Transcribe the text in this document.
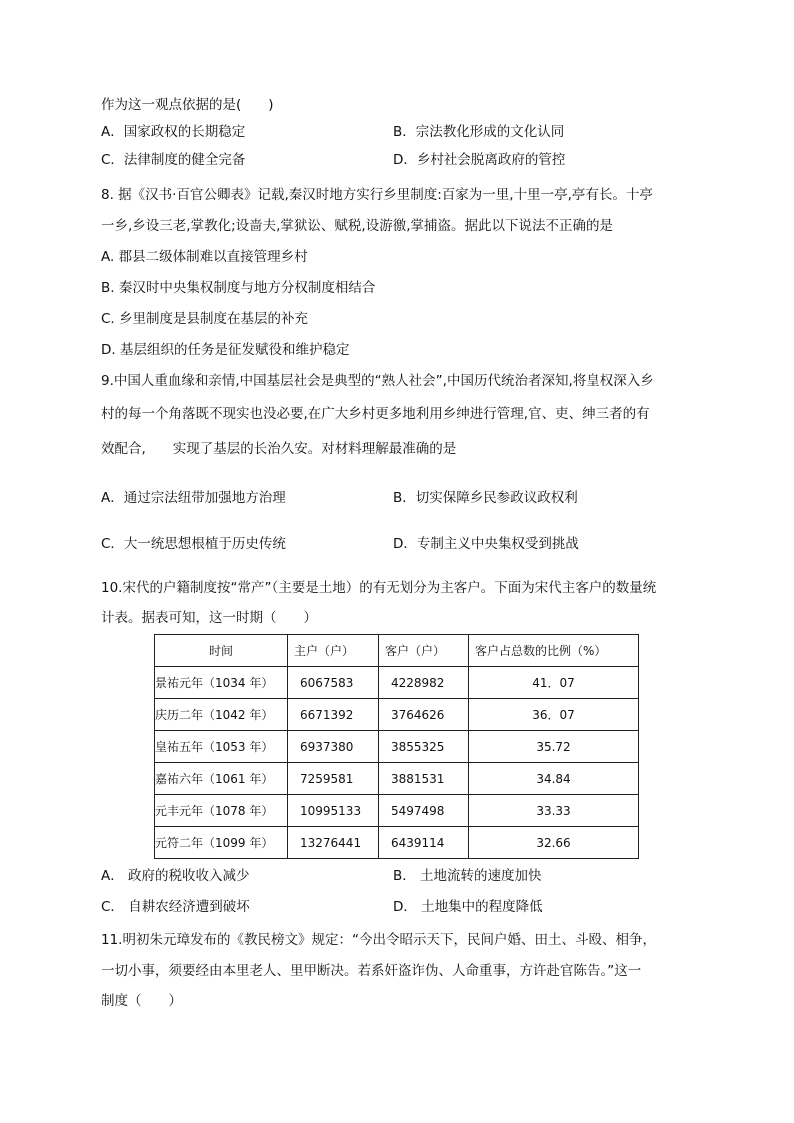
作为这一观点依据的是(　　)
A．国家政权的长期稳定	B．宗法教化形成的文化认同
C．法律制度的健全完备	D．乡村社会脱离政府的管控
8. 据《汉书·百官公卿表》记载,秦汉时地方实行乡里制度:百家为一里,十里一亭,亭有长。十亭
一乡,乡设三老,掌教化;设啬夫,掌狱讼、赋税,设游徼,掌捕盗。据此以下说法不正确的是
A. 郡县二级体制难以直接管理乡村
B. 秦汉时中央集权制度与地方分权制度相结合
C. 乡里制度是县制度在基层的补充
D. 基层组织的任务是征发赋役和维护稳定
9.中国人重血缘和亲情,中国基层社会是典型的“熟人社会”,中国历代统治者深知,将皇权深入乡
村的每一个角落既不现实也没必要,在广大乡村更多地利用乡绅进行管理,官、吏、绅三者的有
效配合,　　实现了基层的长治久安。对材料理解最准确的是
A．通过宗法纽带加强地方治理	B．切实保障乡民参政议政权利
C．大一统思想根植于历史传统	D．专制主义中央集权受到挑战
10.宋代的户籍制度按“常产”（主要是土地）的有无划分为主客户。下面为宋代主客户的数量统
计表。据表可知，这一时期（　　）
时间	主户（户）	客户（户）	客户占总数的比例（%）
景祐元年（1034 年）	6067583	4228982	41．07
庆历二年（1042 年）	6671392	3764626	36．07
皇祐五年（1053 年）	6937380	3855325	35.72
嘉祐六年（1061 年）	7259581	3881531	34.84
元丰元年（1078 年）	10995133	5497498	33.33
元符二年（1099 年）	13276441	6439114	32.66
A． 政府的税收收入减少	B． 土地流转的速度加快
C． 自耕农经济遭到破坏	D． 土地集中的程度降低
11.明初朱元璋发布的《教民榜文》规定：“今出令昭示天下，民间户婚、田土、斗殴、相争，
一切小事，须要经由本里老人、里甲断决。若系奸盗诈伪、人命重事，方许赴官陈告。”这一
制度（　　）
